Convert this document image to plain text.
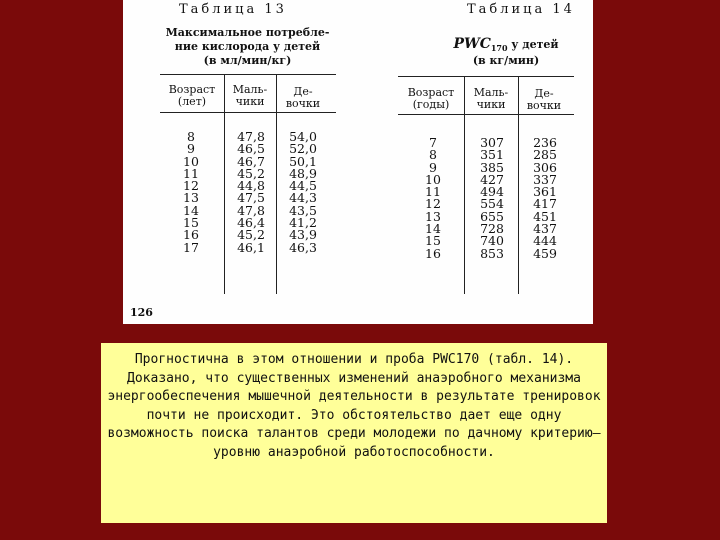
Таблица 13
Максимальное потребле-
ние кислорода у детей
(в мл/мин/кг)
Возраст (лет)
Маль- чики
Де- вочки
8
9
10
11
12
13
14
15
16
17
47,8
46,5
46,7
45,2
44,8
47,5
47,8
46,4
45,2
46,1
54,0
52,0
50,1
48,9
44,5
44,3
43,5
41,2
43,9
46,3
Таблица 14
$PWC_{170}$ у детей
(в кг/мин)
Возраст (годы)
Маль- чики
Де- вочки
7
8
9
10
11
12
13
14
15
16
307
351
385
427
494
554
655
728
740
853
236
285
306
337
361
417
451
437
444
459
126
Прогностична в этом отношении и проба PWC170 (табл. 14). Доказано, что существенных изменений анаэробного механизма энергообеспечения мышечной деятельности в результате тренировок почти не происходит. Это обстоятельство дает еще одну возможность поиска талантов среди молодежи по дачному критерию—уровню анаэробной работоспособности.
